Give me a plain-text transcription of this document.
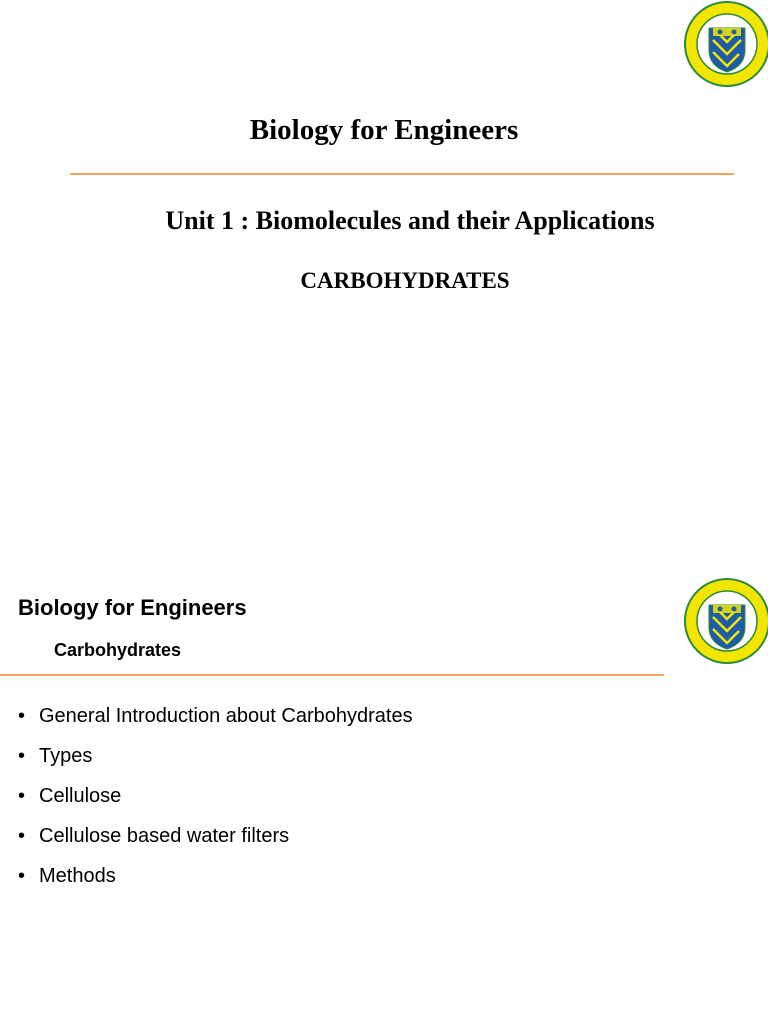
Biology for Engineers
Unit 1 : Biomolecules and their Applications
CARBOHYDRATES
Biology for Engineers
Carbohydrates
• General Introduction about Carbohydrates
• Types
• Cellulose
• Cellulose based water filters
• Methods
